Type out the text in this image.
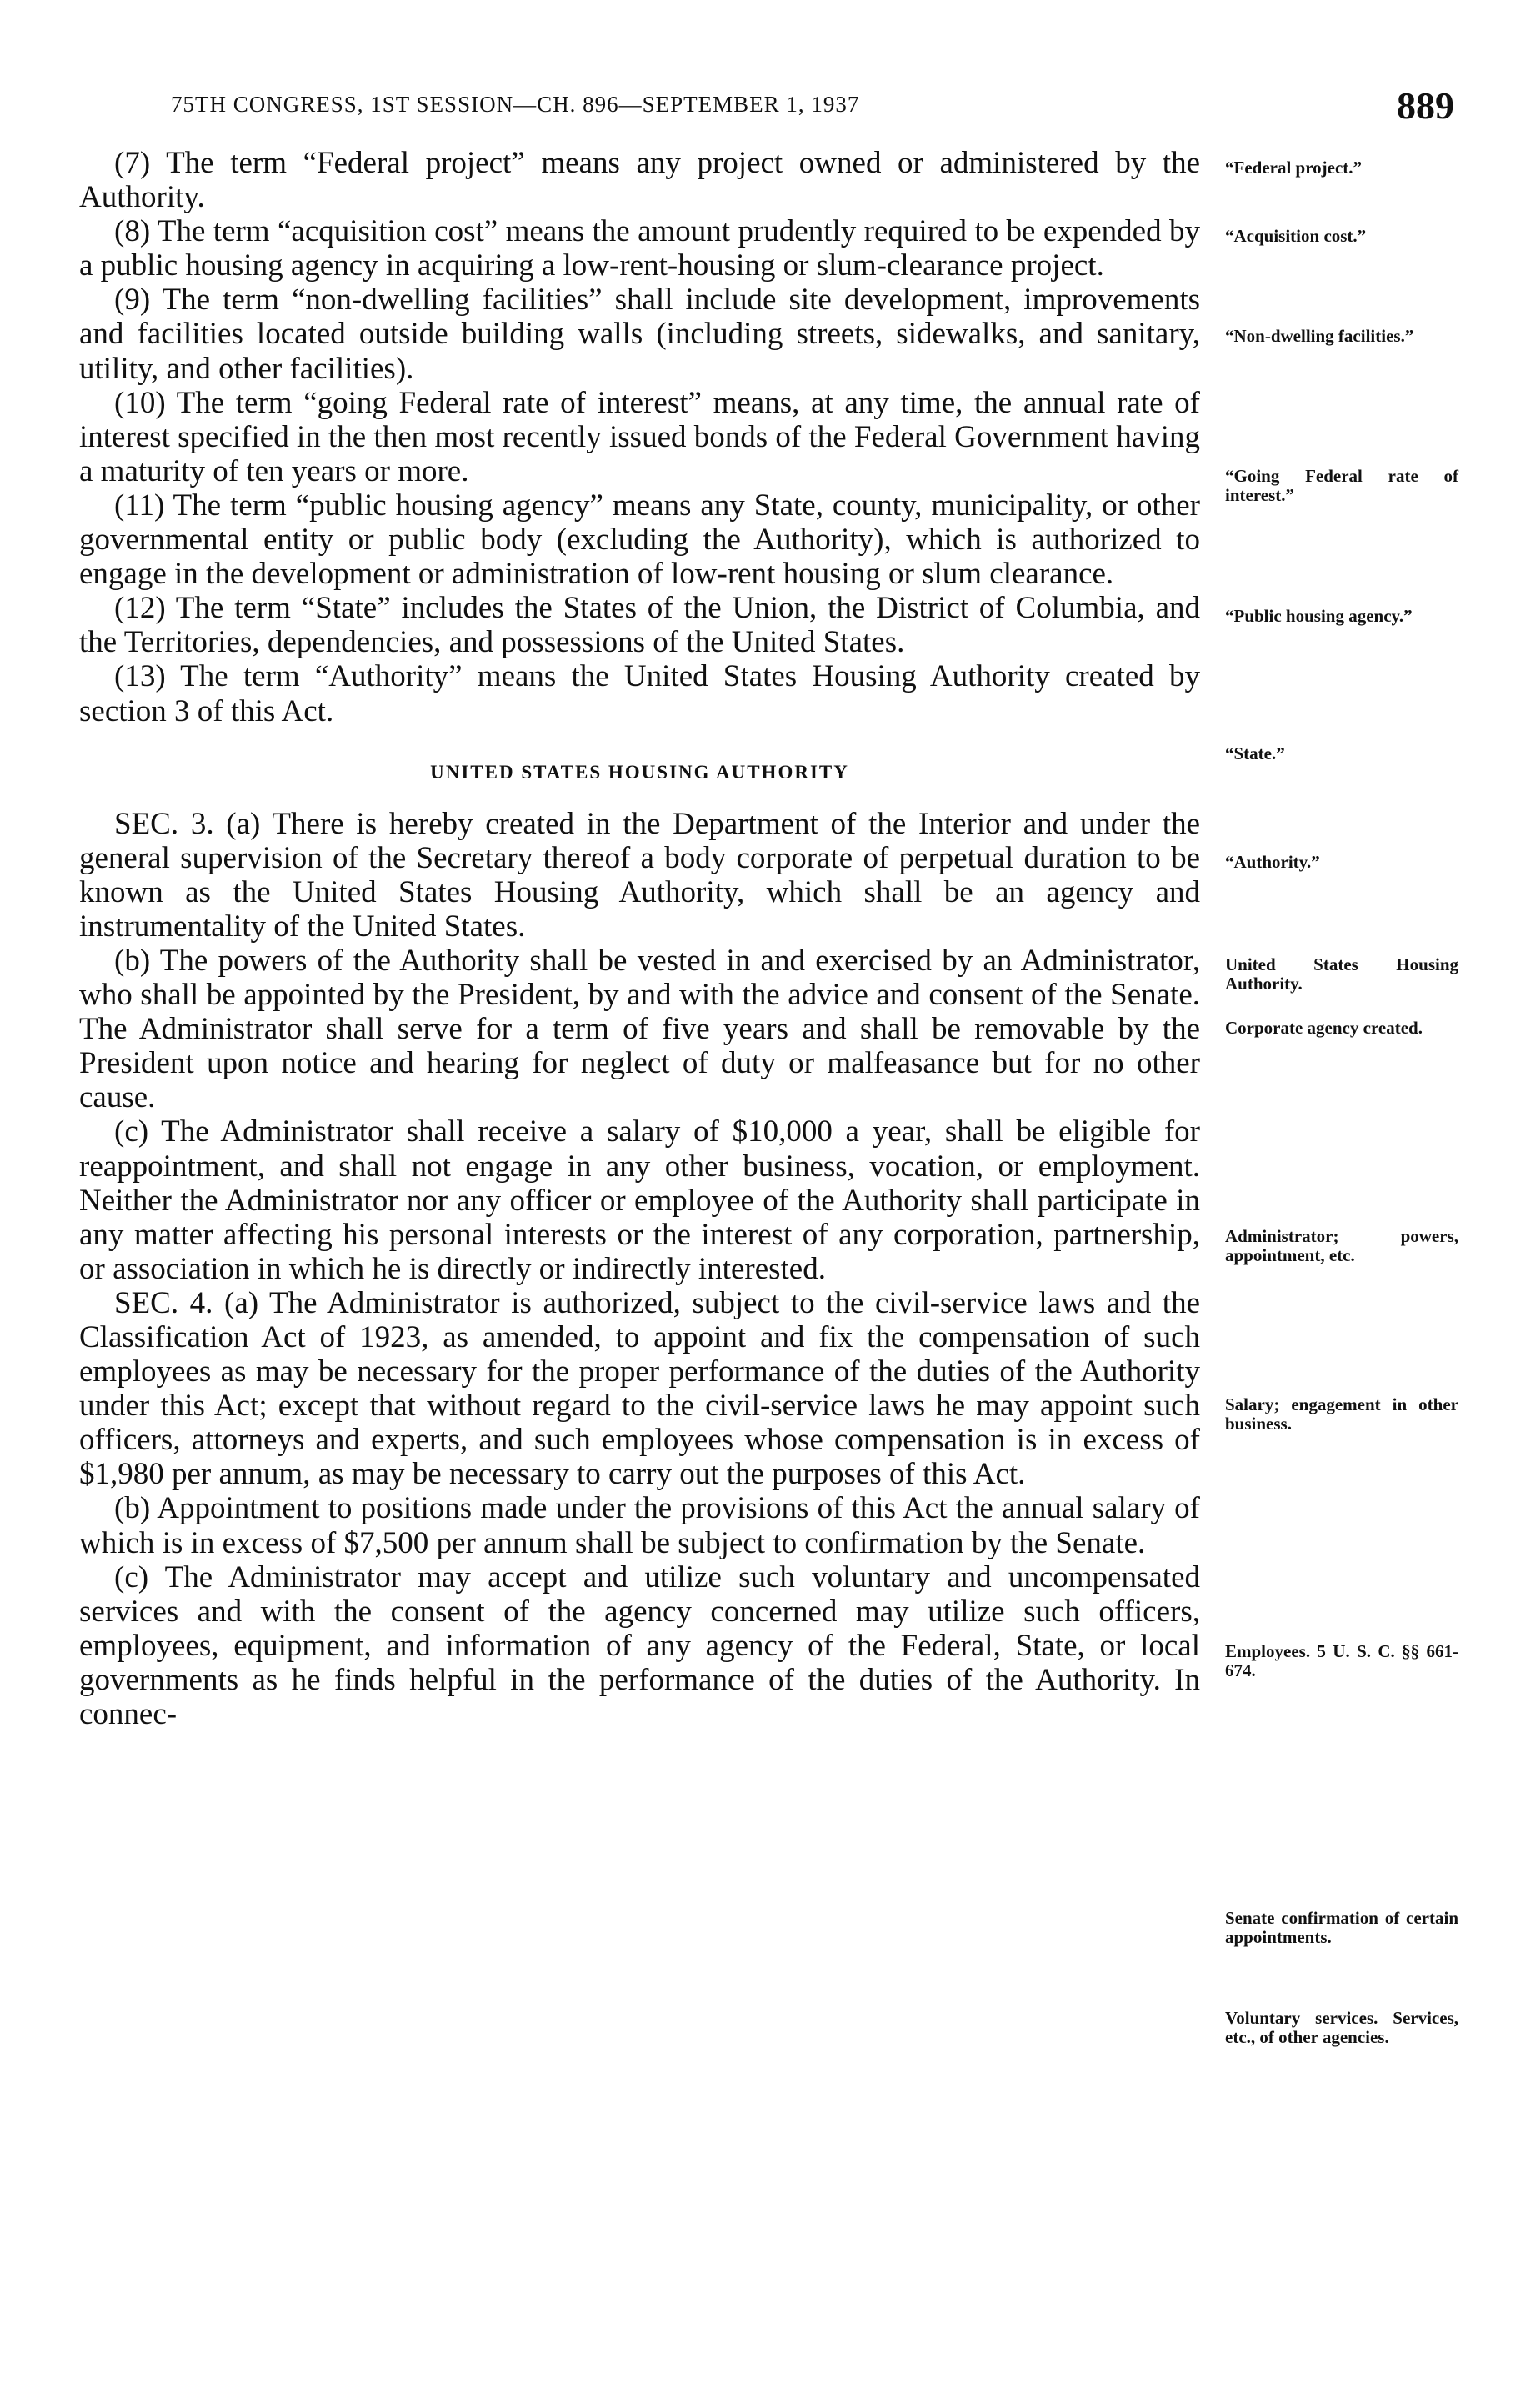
75TH CONGRESS, 1ST SESSION—CH. 896—SEPTEMBER 1, 1937	889

(7) The term “Federal project” means any project owned or administered by the Authority.

(8) The term “acquisition cost” means the amount prudently required to be expended by a public housing agency in acquiring a low-rent-housing or slum-clearance project.

(9) The term “non-dwelling facilities” shall include site development, improvements and facilities located outside building walls (including streets, sidewalks, and sanitary, utility, and other facilities).

(10) The term “going Federal rate of interest” means, at any time, the annual rate of interest specified in the then most recently issued bonds of the Federal Government having a maturity of ten years or more.

(11) The term “public housing agency” means any State, county, municipality, or other governmental entity or public body (excluding the Authority), which is authorized to engage in the development or administration of low-rent housing or slum clearance.

(12) The term “State” includes the States of the Union, the District of Columbia, and the Territories, dependencies, and possessions of the United States.

(13) The term “Authority” means the United States Housing Authority created by section 3 of this Act.

UNITED STATES HOUSING AUTHORITY

SEC. 3. (a) There is hereby created in the Department of the Interior and under the general supervision of the Secretary thereof a body corporate of perpetual duration to be known as the United States Housing Authority, which shall be an agency and instrumentality of the United States.

(b) The powers of the Authority shall be vested in and exercised by an Administrator, who shall be appointed by the President, by and with the advice and consent of the Senate. The Administrator shall serve for a term of five years and shall be removable by the President upon notice and hearing for neglect of duty or malfeasance but for no other cause.

(c) The Administrator shall receive a salary of $10,000 a year, shall be eligible for reappointment, and shall not engage in any other business, vocation, or employment. Neither the Administrator nor any officer or employee of the Authority shall participate in any matter affecting his personal interests or the interest of any corporation, partnership, or association in which he is directly or indirectly interested.

SEC. 4. (a) The Administrator is authorized, subject to the civil-service laws and the Classification Act of 1923, as amended, to appoint and fix the compensation of such employees as may be necessary for the proper performance of the duties of the Authority under this Act; except that without regard to the civil-service laws he may appoint such officers, attorneys and experts, and such employees whose compensation is in excess of $1,980 per annum, as may be necessary to carry out the purposes of this Act.

(b) Appointment to positions made under the provisions of this Act the annual salary of which is in excess of $7,500 per annum shall be subject to confirmation by the Senate.

(c) The Administrator may accept and utilize such voluntary and uncompensated services and with the consent of the agency concerned may utilize such officers, employees, equipment, and information of any agency of the Federal, State, or local governments as he finds helpful in the performance of the duties of the Authority. In connec-

“Federal project.”
“Acquisition cost.”
“Non-dwelling facilities.”
“Going Federal rate of interest.”
“Public housing agency.”
“State.”
“Authority.”
United States Housing Authority.
Corporate agency created.
Administrator; powers, appointment, etc.
Salary; engagement in other business.
Employees. 5 U. S. C. §§ 661-674.
Senate confirmation of certain appointments.
Voluntary services. Services, etc., of other agencies.
